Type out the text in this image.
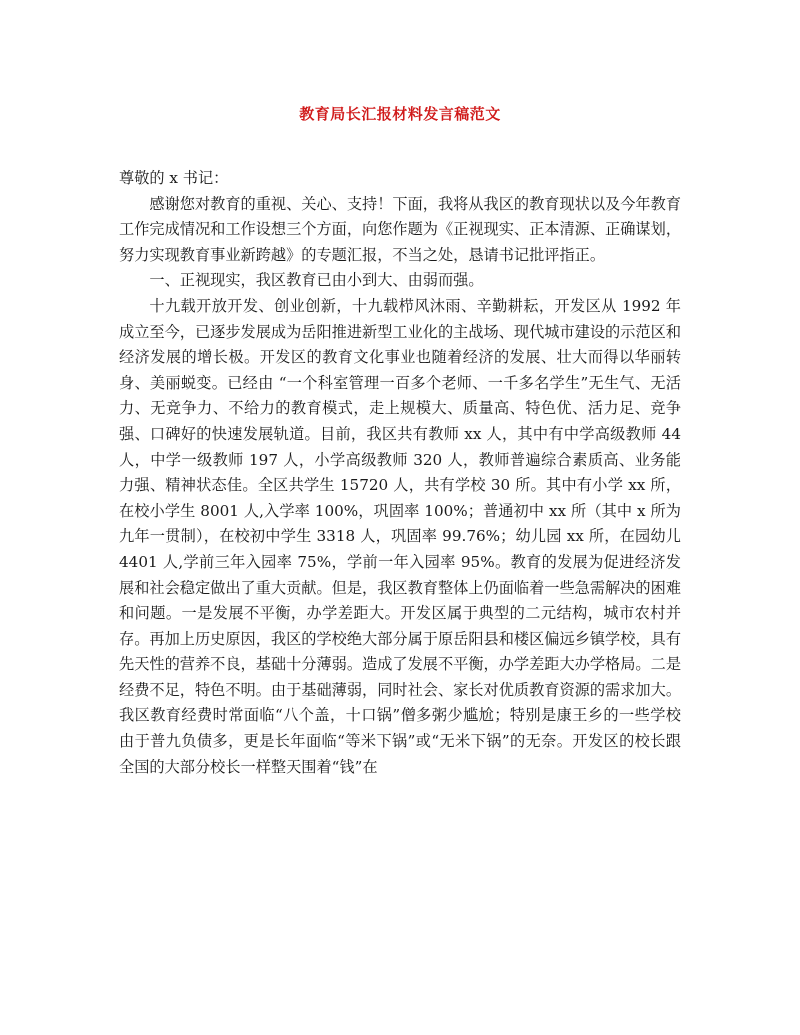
教育局长汇报材料发言稿范文

尊敬的 x 书记：

感谢您对教育的重视、关心、支持！下面，我将从我区的教育现状以及今年教育工作完成情况和工作设想三个方面，向您作题为《正视现实、正本清源、正确谋划，努力实现教育事业新跨越》的专题汇报，不当之处，恳请书记批评指正。

一、正视现实，我区教育已由小到大、由弱而强。

十九载开放开发、创业创新，十九载栉风沐雨、辛勤耕耘，开发区从 1992 年成立至今，已逐步发展成为岳阳推进新型工业化的主战场、现代城市建设的示范区和经济发展的增长极。开发区的教育文化事业也随着经济的发展、壮大而得以华丽转身、美丽蜕变。已经由 “一个科室管理一百多个老师、一千多名学生”无生气、无活力、无竞争力、不给力的教育模式，走上规模大、质量高、特色优、活力足、竞争强、口碑好的快速发展轨道。目前，我区共有教师 xx 人，其中有中学高级教师 44 人，中学一级教师 197 人，小学高级教师 320 人，教师普遍综合素质高、业务能力强、精神状态佳。全区共学生 15720 人，共有学校 30 所。其中有小学 xx 所，在校小学生 8001 人,入学率 100%，巩固率 100%；普通初中 xx 所（其中 x 所为九年一贯制），在校初中学生 3318 人，巩固率 99.76%；幼儿园 xx 所，在园幼儿 4401 人,学前三年入园率 75%，学前一年入园率 95%。教育的发展为促进经济发展和社会稳定做出了重大贡献。但是，我区教育整体上仍面临着一些急需解决的困难和问题。一是发展不平衡，办学差距大。开发区属于典型的二元结构，城市农村并存。再加上历史原因，我区的学校绝大部分属于原岳阳县和楼区偏远乡镇学校，具有先天性的营养不良，基础十分薄弱。造成了发展不平衡，办学差距大办学格局。二是经费不足，特色不明。由于基础薄弱，同时社会、家长对优质教育资源的需求加大。我区教育经费时常面临“八个盖，十口锅”僧多粥少尴尬；特别是康王乡的一些学校由于普九负债多，更是长年面临“等米下锅”或“无米下锅”的无奈。开发区的校长跟全国的大部分校长一样整天围着“钱”在
